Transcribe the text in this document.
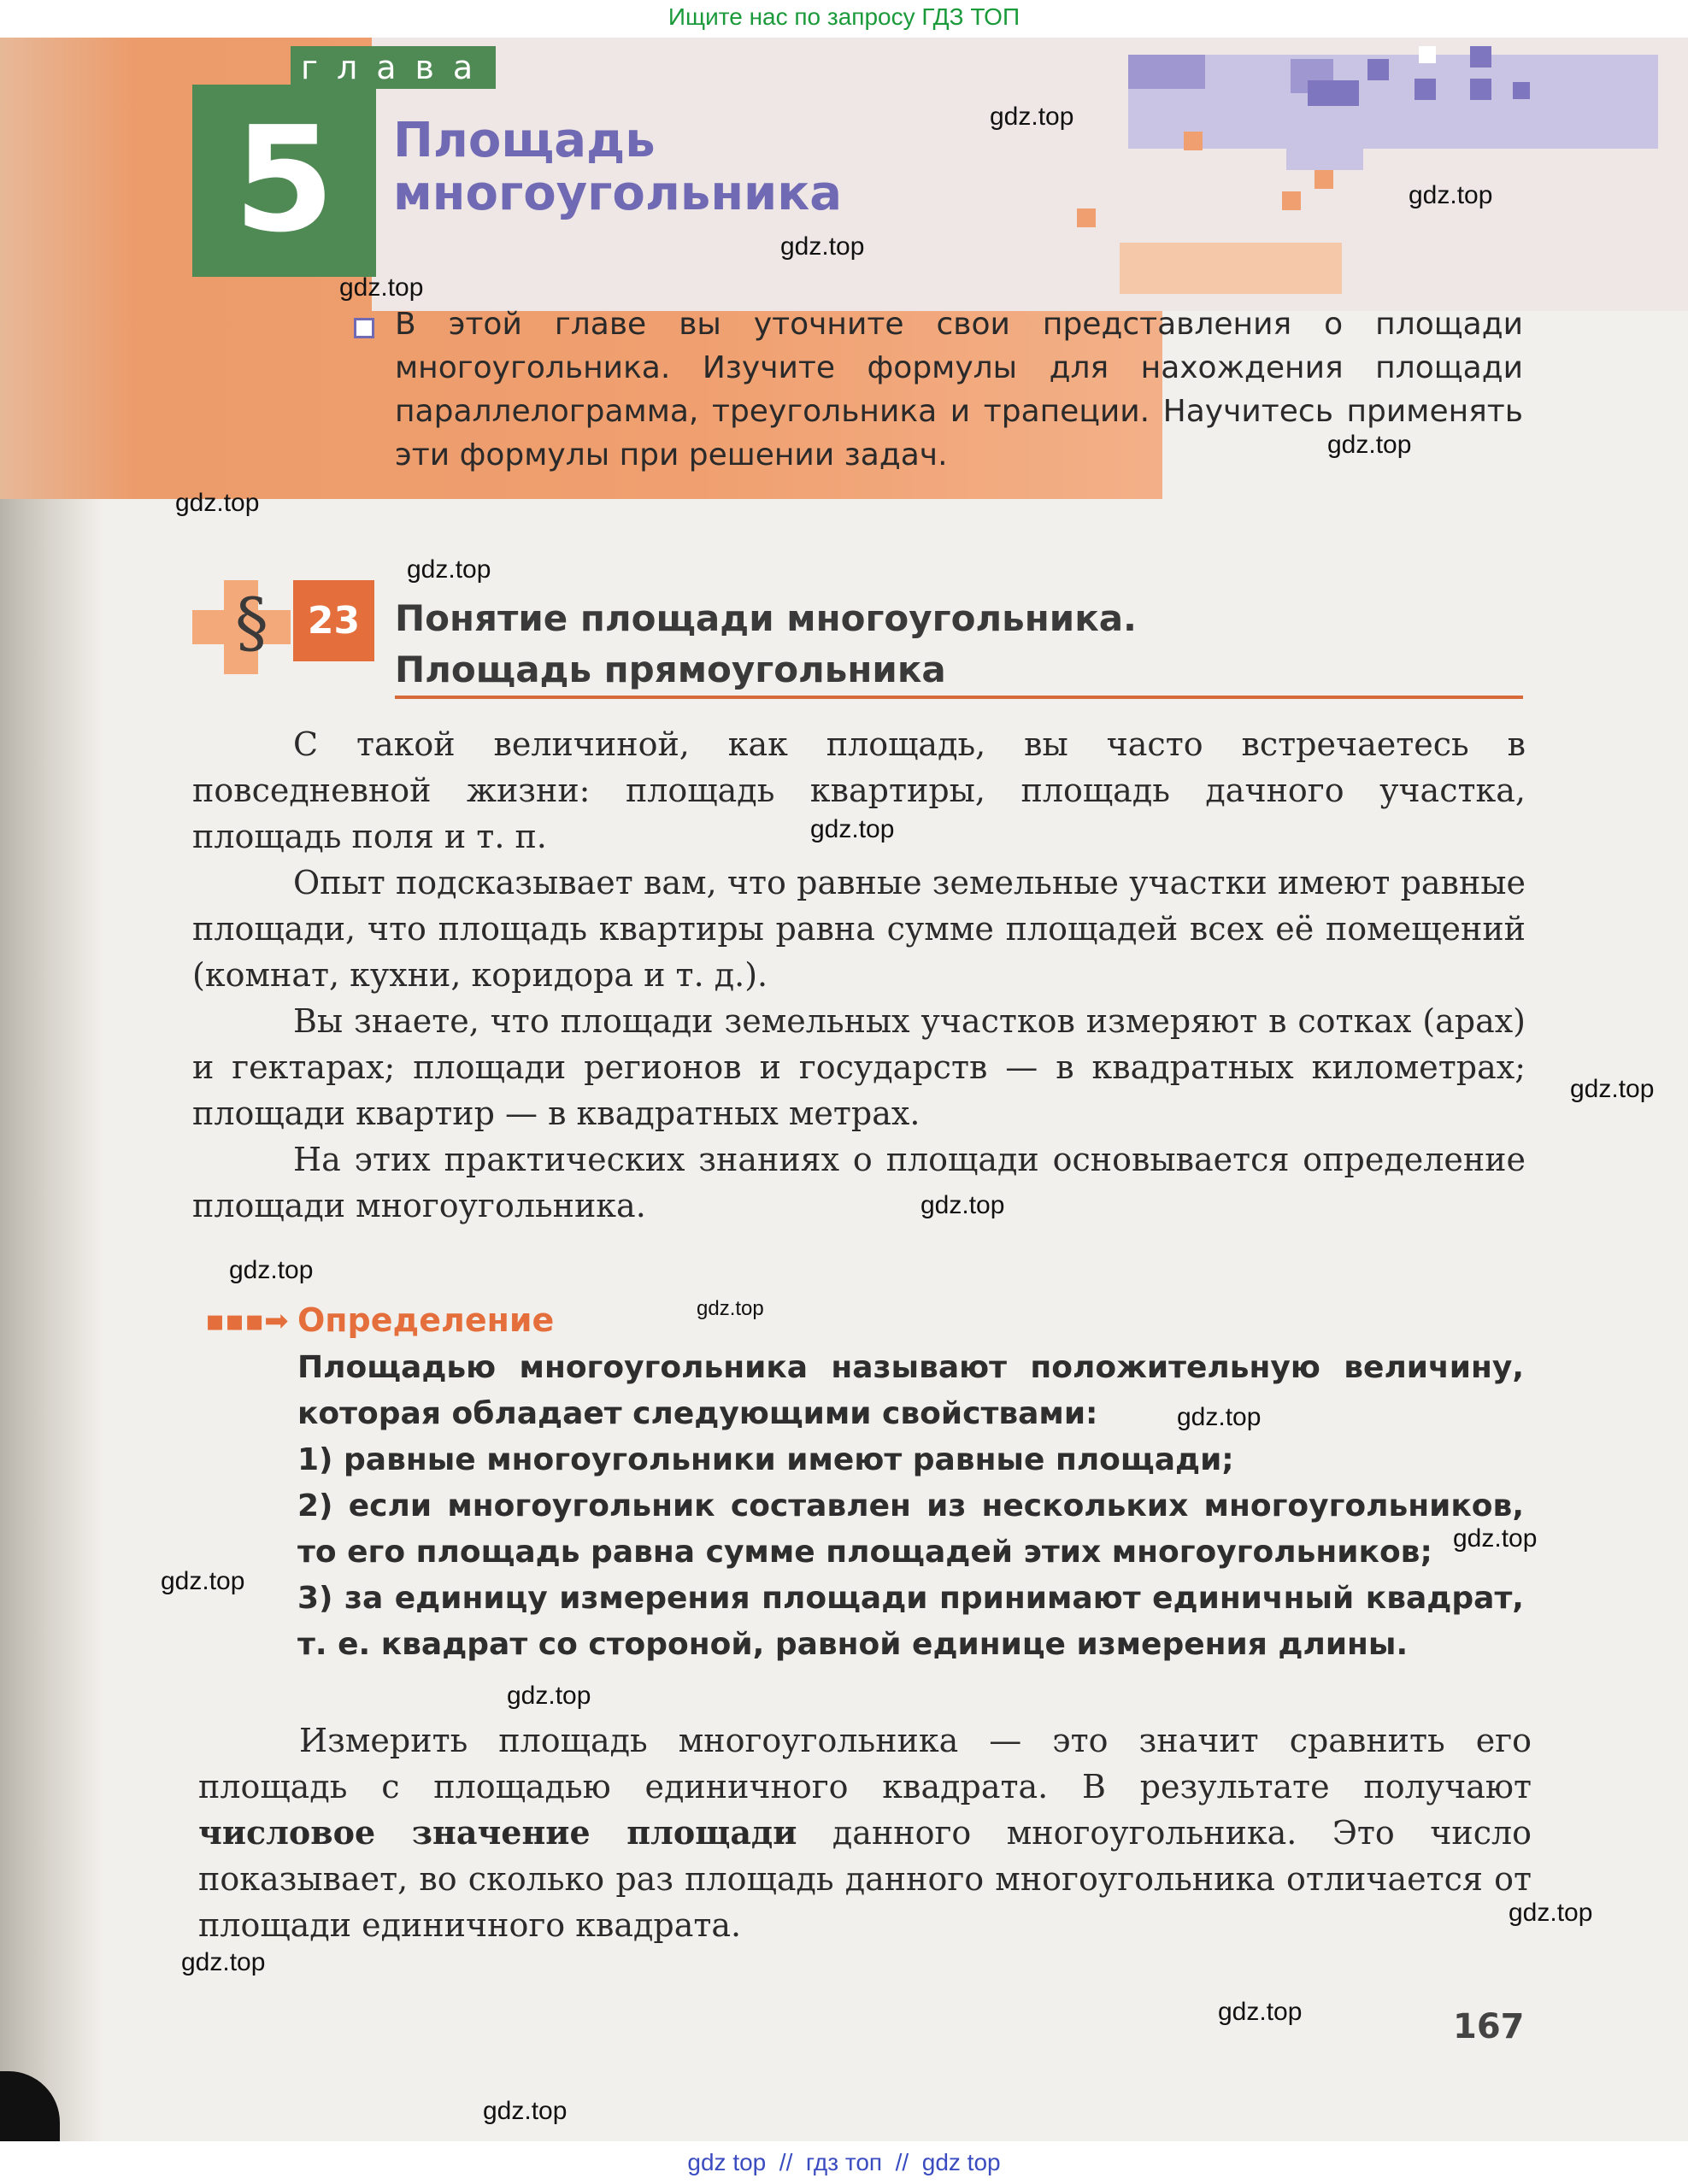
Ищите нас по запросу ГДЗ ТОП
5
глава
Площадь
многоугольника
В этой главе вы уточните свои представления о площади многоугольника. Изучите формулы для нахождения площади параллелограмма, треугольника и трапеции. Научитесь применять эти формулы при решении задач.
§	23 Понятие площади многоугольника.
Площадь прямоугольника

С такой величиной, как площадь, вы часто встречаетесь в повседневной жизни: площадь квартиры, площадь дачного участка, площадь поля и т. п.

Опыт подсказывает вам, что равные земельные участки имеют равные площади, что площадь квартиры равна сумме площадей всех её помещений (комнат, кухни, коридора и т. д.).

Вы знаете, что площади земельных участков измеряют в сотках (арах) и гектарах; площади регионов и государств — в квадратных километрах; площади квартир — в квадратных метрах.

На этих практических знаниях о площади основывается определение площади многоугольника.

▪▪▪➡ Определение
Площадью многоугольника называют положительную величину, которая обладает следующими свойствами:
1) равные многоугольники имеют равные площади;
2) если многоугольник составлен из нескольких многоугольников, то его площадь равна сумме площадей этих многоугольников;
3) за единицу измерения площади принимают единичный квадрат, т. е. квадрат со стороной, равной единице измерения длины.

Измерить площадь многоугольника — это значит сравнить его площадь с площадью единичного квадрата. В результате получают числовое значение площади данного многоугольника. Это число показывает, во сколько раз площадь данного многоугольника отличается от площади единичного квадрата.

167
gdz.top
gdz.top
gdz.top
gdz.top
gdz.top
gdz.top
gdz.top
gdz.top
gdz.top
gdz.top
gdz.top
gdz.top
gdz.top
gdz.top
gdz.top
gdz.top
gdz.top
gdz.top
gdz.top
gdz.top
gdz top  //  гдз топ  //  gdz top
